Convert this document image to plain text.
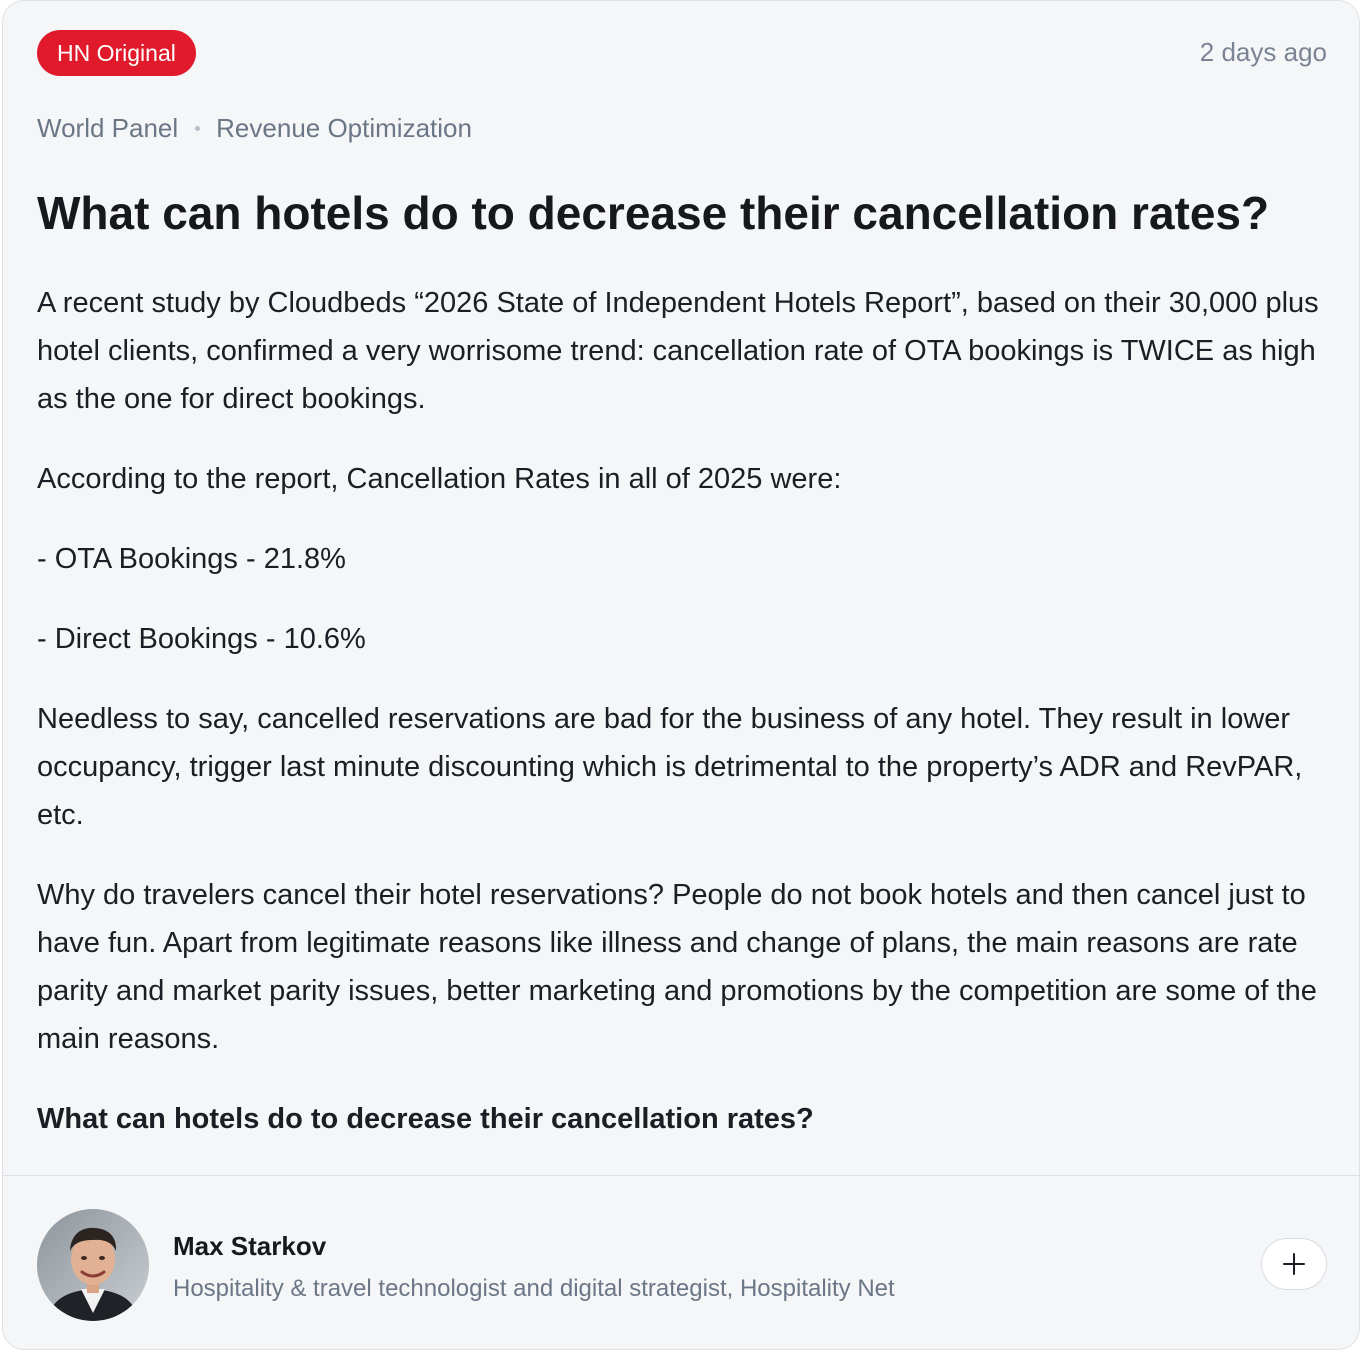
HN Original	2 days ago
World Panel Revenue Optimization
What can hotels do to decrease their cancellation rates?

A recent study by Cloudbeds “2026 State of Independent Hotels Report”, based on their 30,000 plus hotel clients, confirmed a very worrisome trend: cancellation rate of OTA bookings is TWICE as high as the one for direct bookings.

According to the report, Cancellation Rates in all of 2025 were:

- OTA Bookings - 21.8%

- Direct Bookings - 10.6%

Needless to say, cancelled reservations are bad for the business of any hotel. They result in lower occupancy, trigger last minute discounting which is detrimental to the property’s ADR and RevPAR, etc.

Why do travelers cancel their hotel reservations? People do not book hotels and then cancel just to have fun. Apart from legitimate reasons like illness and change of plans, the main reasons are rate parity and market parity issues, better marketing and promotions by the competition are some of the main reasons.

What can hotels do to decrease their cancellation rates?

Max Starkov
Hospitality & travel technologist and digital strategist, Hospitality Net
